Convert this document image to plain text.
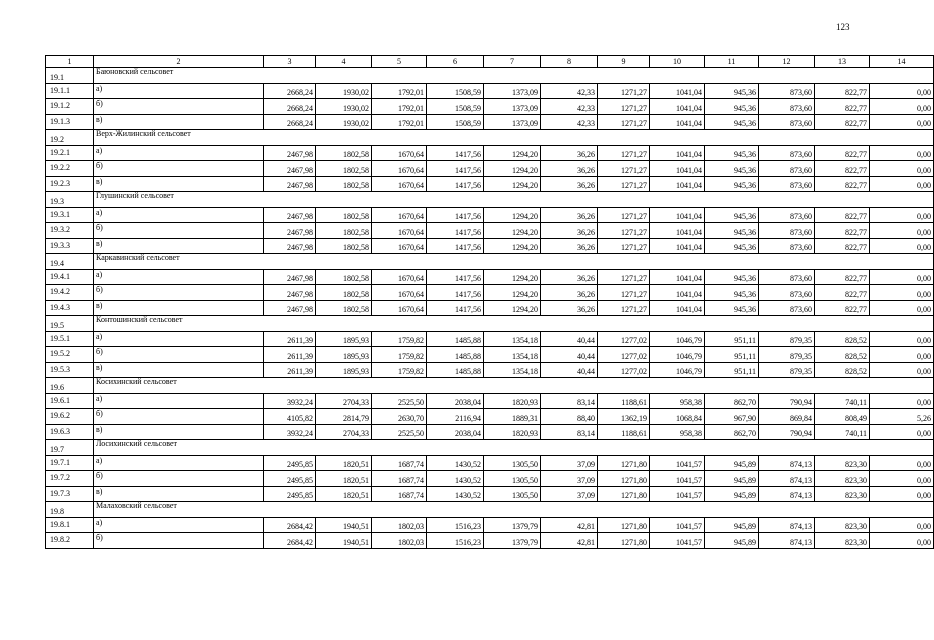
123
1	2	3	4	5	6	7	8	9	10	11	12	13	14
19.1	Баюновский сельсовет												
19.1.1	а)	2668,24	1930,02	1792,01	1508,59	1373,09	42,33	1271,27	1041,04	945,36	873,60	822,77	0,00
19.1.2	б)	2668,24	1930,02	1792,01	1508,59	1373,09	42,33	1271,27	1041,04	945,36	873,60	822,77	0,00
19.1.3	в)	2668,24	1930,02	1792,01	1508,59	1373,09	42,33	1271,27	1041,04	945,36	873,60	822,77	0,00
19.2	Верх-Жилинский сельсовет												
19.2.1	а)	2467,98	1802,58	1670,64	1417,56	1294,20	36,26	1271,27	1041,04	945,36	873,60	822,77	0,00
19.2.2	б)	2467,98	1802,58	1670,64	1417,56	1294,20	36,26	1271,27	1041,04	945,36	873,60	822,77	0,00
19.2.3	в)	2467,98	1802,58	1670,64	1417,56	1294,20	36,26	1271,27	1041,04	945,36	873,60	822,77	0,00
19.3	Глушинский сельсовет												
19.3.1	а)	2467,98	1802,58	1670,64	1417,56	1294,20	36,26	1271,27	1041,04	945,36	873,60	822,77	0,00
19.3.2	б)	2467,98	1802,58	1670,64	1417,56	1294,20	36,26	1271,27	1041,04	945,36	873,60	822,77	0,00
19.3.3	в)	2467,98	1802,58	1670,64	1417,56	1294,20	36,26	1271,27	1041,04	945,36	873,60	822,77	0,00
19.4	Каркавинский сельсовет												
19.4.1	а)	2467,98	1802,58	1670,64	1417,56	1294,20	36,26	1271,27	1041,04	945,36	873,60	822,77	0,00
19.4.2	б)	2467,98	1802,58	1670,64	1417,56	1294,20	36,26	1271,27	1041,04	945,36	873,60	822,77	0,00
19.4.3	в)	2467,98	1802,58	1670,64	1417,56	1294,20	36,26	1271,27	1041,04	945,36	873,60	822,77	0,00
19.5	Контошинский сельсовет												
19.5.1	а)	2611,39	1895,93	1759,82	1485,88	1354,18	40,44	1277,02	1046,79	951,11	879,35	828,52	0,00
19.5.2	б)	2611,39	1895,93	1759,82	1485,88	1354,18	40,44	1277,02	1046,79	951,11	879,35	828,52	0,00
19.5.3	в)	2611,39	1895,93	1759,82	1485,88	1354,18	40,44	1277,02	1046,79	951,11	879,35	828,52	0,00
19.6	Косихинский сельсовет												
19.6.1	а)	3932,24	2704,33	2525,50	2038,04	1820,93	83,14	1188,61	958,38	862,70	790,94	740,11	0,00
19.6.2	б)	4105,82	2814,79	2630,70	2116,94	1889,31	88,40	1362,19	1068,84	967,90	869,84	808,49	5,26
19.6.3	в)	3932,24	2704,33	2525,50	2038,04	1820,93	83,14	1188,61	958,38	862,70	790,94	740,11	0,00
19.7	Лосихинский сельсовет												
19.7.1	а)	2495,85	1820,51	1687,74	1430,52	1305,50	37,09	1271,80	1041,57	945,89	874,13	823,30	0,00
19.7.2	б)	2495,85	1820,51	1687,74	1430,52	1305,50	37,09	1271,80	1041,57	945,89	874,13	823,30	0,00
19.7.3	в)	2495,85	1820,51	1687,74	1430,52	1305,50	37,09	1271,80	1041,57	945,89	874,13	823,30	0,00
19.8	Малаховский сельсовет												
19.8.1	а)	2684,42	1940,51	1802,03	1516,23	1379,79	42,81	1271,80	1041,57	945,89	874,13	823,30	0,00
19.8.2	б)	2684,42	1940,51	1802,03	1516,23	1379,79	42,81	1271,80	1041,57	945,89	874,13	823,30	0,00
